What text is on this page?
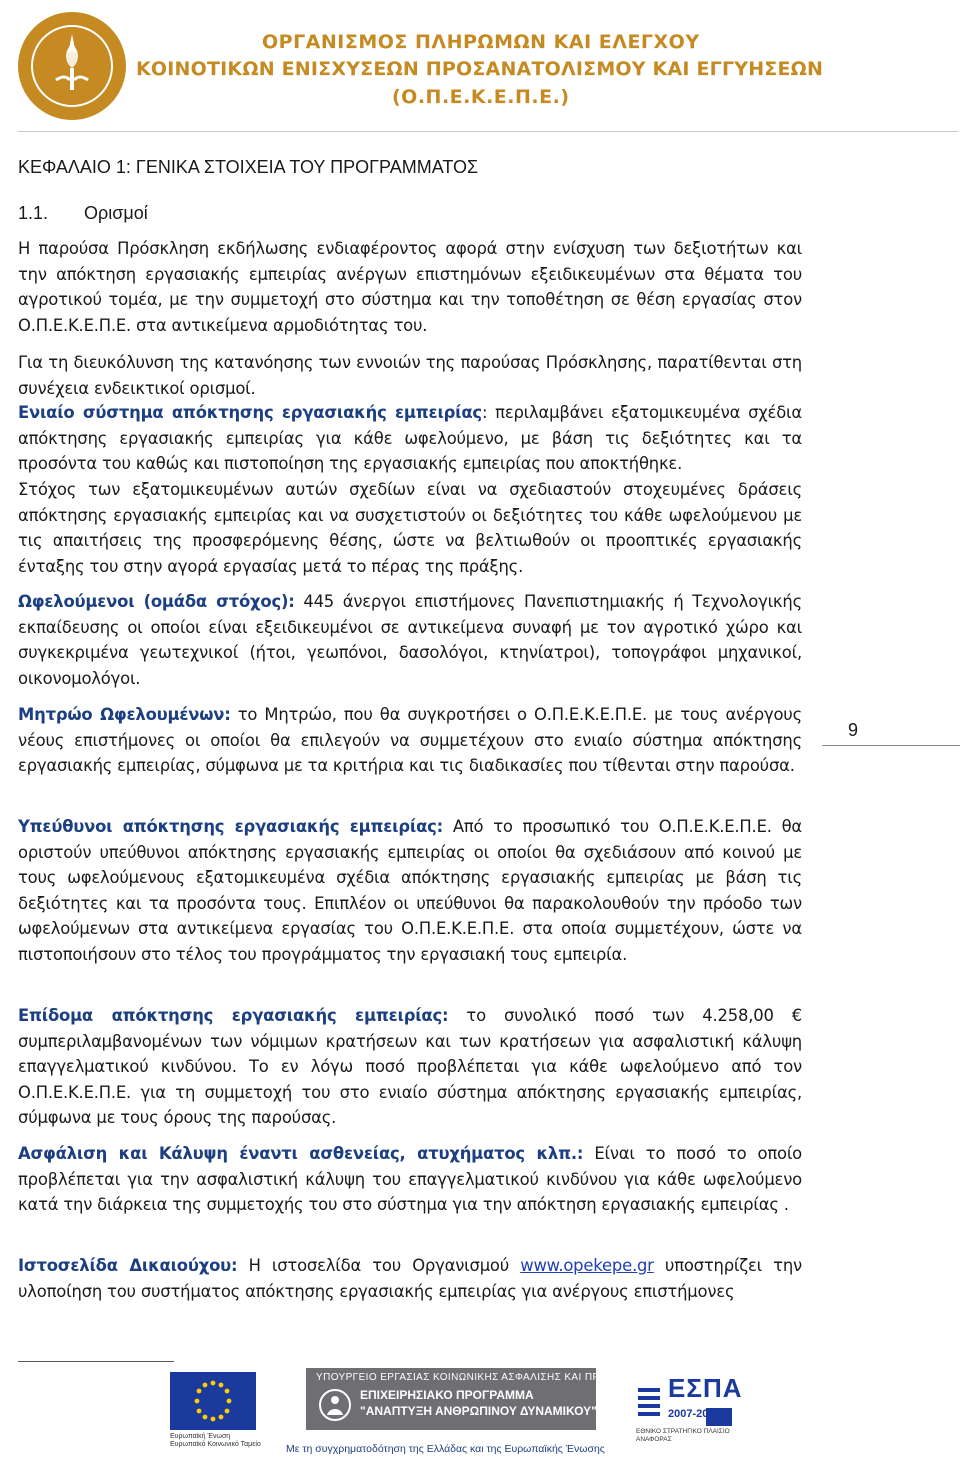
ΟΡΓΑΝΙΣΜΟΣ ΠΛΗΡΩΜΩΝ ΚΑΙ ΕΛΕΓΧΟΥ
ΚΟΙΝΟΤΙΚΩΝ ΕΝΙΣΧΥΣΕΩΝ ΠΡΟΣΑΝΑΤΟΛΙΣΜΟΥ ΚΑΙ ΕΓΓΥΗΣΕΩΝ
(Ο.Π.Ε.Κ.Ε.Π.Ε.)
ΚΕΦΑΛΑΙΟ 1: ΓΕΝΙΚΑ ΣΤΟΙΧΕΙΑ ΤΟΥ ΠΡΟΓΡΑΜΜΑΤΟΣ
1.1. Ορισμοί

Η παρούσα Πρόσκληση εκδήλωσης ενδιαφέροντος αφορά στην ενίσχυση των δεξιοτήτων και την απόκτηση εργασιακής εμπειρίας ανέργων επιστημόνων εξειδικευμένων στα θέματα του αγροτικού τομέα, με την συμμετοχή στο σύστημα και την τοποθέτηση σε θέση εργασίας στον Ο.Π.Ε.Κ.Ε.Π.Ε. στα αντικείμενα αρμοδιότητας του.

Για τη διευκόλυνση της κατανόησης των εννοιών της παρούσας Πρόσκλησης, παρατίθενται στη συνέχεια ενδεικτικοί ορισμοί.

Ενιαίο σύστημα απόκτησης εργασιακής εμπειρίας: περιλαμβάνει εξατομικευμένα σχέδια απόκτησης εργασιακής εμπειρίας για κάθε ωφελούμενο, με βάση τις δεξιότητες και τα προσόντα του καθώς και πιστοποίηση της εργασιακής εμπειρίας που αποκτήθηκε.

Στόχος των εξατομικευμένων αυτών σχεδίων είναι να σχεδιαστούν στοχευμένες δράσεις απόκτησης εργασιακής εμπειρίας και να συσχετιστούν οι δεξιότητες του κάθε ωφελούμενου με τις απαιτήσεις της προσφερόμενης θέσης, ώστε να βελτιωθούν οι προοπτικές εργασιακής ένταξης του στην αγορά εργασίας μετά το πέρας της πράξης.

Ωφελούμενοι (ομάδα στόχος): 445 άνεργοι επιστήμονες Πανεπιστημιακής ή Τεχνολογικής εκπαίδευσης οι οποίοι είναι εξειδικευμένοι σε αντικείμενα συναφή με τον αγροτικό χώρο και συγκεκριμένα γεωτεχνικοί (ήτοι, γεωπόνοι, δασολόγοι, κτηνίατροι), τοπογράφοι μηχανικοί, οικονομολόγοι.

Μητρώο Ωφελουμένων: το Μητρώο, που θα συγκροτήσει ο Ο.Π.Ε.Κ.Ε.Π.Ε. με τους ανέργους νέους επιστήμονες οι οποίοι θα επιλεγούν να συμμετέχουν στο ενιαίο σύστημα απόκτησης εργασιακής εμπειρίας, σύμφωνα με τα κριτήρια και τις διαδικασίες που τίθενται στην παρούσα.

Υπεύθυνοι απόκτησης εργασιακής εμπειρίας: Από το προσωπικό του Ο.Π.Ε.Κ.Ε.Π.Ε. θα οριστούν υπεύθυνοι απόκτησης εργασιακής εμπειρίας οι οποίοι θα σχεδιάσουν από κοινού με τους ωφελούμενους εξατομικευμένα σχέδια απόκτησης εργασιακής εμπειρίας με βάση τις δεξιότητες και τα προσόντα τους. Επιπλέον οι υπεύθυνοι θα παρακολουθούν την πρόοδο των ωφελούμενων στα αντικείμενα εργασίας του Ο.Π.Ε.Κ.Ε.Π.Ε. στα οποία συμμετέχουν, ώστε να πιστοποιήσουν στο τέλος του προγράμματος την εργασιακή τους εμπειρία.

Επίδομα απόκτησης εργασιακής εμπειρίας: το συνολικό ποσό των 4.258,00 € συμπεριλαμβανομένων των νόμιμων κρατήσεων και των κρατήσεων για ασφαλιστική κάλυψη επαγγελματικού κινδύνου. Το εν λόγω ποσό προβλέπεται για κάθε ωφελούμενο από τον Ο.Π.Ε.Κ.Ε.Π.Ε. για τη συμμετοχή του στο ενιαίο σύστημα απόκτησης εργασιακής εμπειρίας, σύμφωνα με τους όρους της παρούσας.

Ασφάλιση και Κάλυψη έναντι ασθενείας, ατυχήματος κλπ.: Είναι το ποσό το οποίο προβλέπεται για την ασφαλιστική κάλυψη του επαγγελματικού κινδύνου για κάθε ωφελούμενο κατά την διάρκεια της συμμετοχής του στο σύστημα για την απόκτηση εργασιακής εμπειρίας .

Ιστοσελίδα Δικαιούχου: Η ιστοσελίδα του Οργανισμού www.opekepe.gr υποστηρίζει την υλοποίηση του συστήματος απόκτησης εργασιακής εμπειρίας για ανέργους επιστήμονες

9
Ευρωπαϊκή Ένωση Ευρωπαϊκό Κοινωνικό Ταμείο
ΥΠΟΥΡΓΕΙΟ ΕΡΓΑΣΙΑΣ ΚΟΙΝΩΝΙΚΗΣ ΑΣΦΑΛΙΣΗΣ ΚΑΙ ΠΡΟΝΟΙΑΣ
ΕΠΙΧΕΙΡΗΣΙΑΚΟ ΠΡΟΓΡΑΜΜΑ
"ΑΝΑΠΤΥΞΗ ΑΝΘΡΩΠΙΝΟΥ ΔΥΝΑΜΙΚΟΥ"
Με τη συγχρηματοδότηση της Ελλάδας και της Ευρωπαϊκής Ένωσης
ΕΣΠΑ
2007-2013
ΕΘΝΙΚΟ ΣΤΡΑΤΗΓΙΚΟ ΠΛΑΙΣΙΟ ΑΝΑΦΟΡΑΣ
